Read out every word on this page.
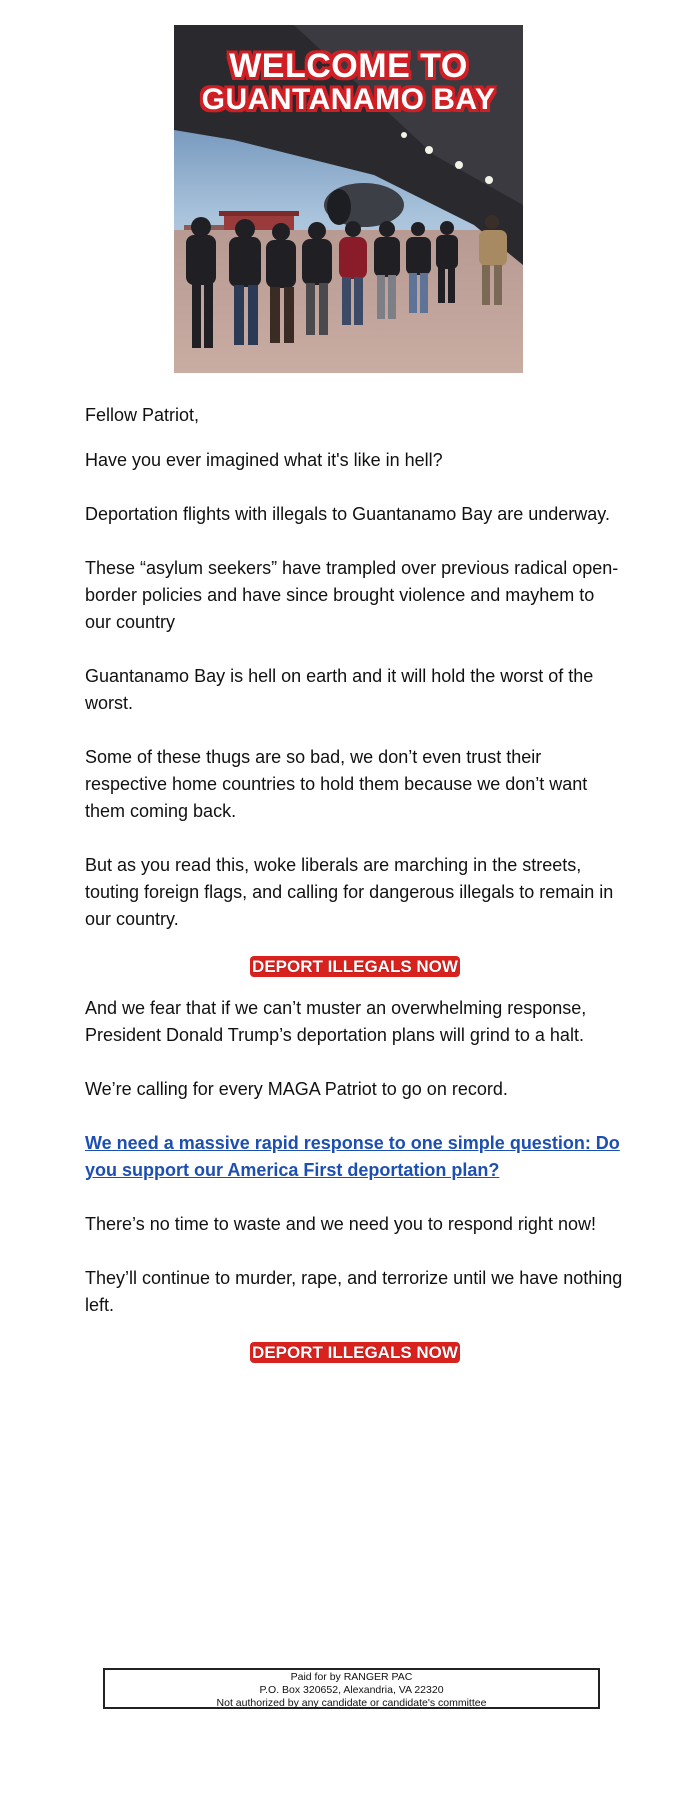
WELCOME TO
GUANTANAMO BAY

Fellow Patriot,

Have you ever imagined what it's like in hell?

Deportation flights with illegals to Guantanamo Bay are underway.

These “asylum seekers” have trampled over previous radical open-border policies and have since brought violence and mayhem to our country

Guantanamo Bay is hell on earth and it will hold the worst of the worst.

Some of these thugs are so bad, we don’t even trust their respective home countries to hold them because we don’t want them coming back.

But as you read this, woke liberals are marching in the streets, touting foreign flags, and calling for dangerous illegals to remain in our country.

DEPORT ILLEGALS NOW

And we fear that if we can’t muster an overwhelming response, President Donald Trump’s deportation plans will grind to a halt.

We’re calling for every MAGA Patriot to go on record.

We need a massive rapid response to one simple question: Do you support our America First deportation plan?

There’s no time to waste and we need you to respond right now!

They’ll continue to murder, rape, and terrorize until we have nothing left.

DEPORT ILLEGALS NOW
Paid for by RANGER PAC
P.O. Box 320652, Alexandria, VA 22320
Not authorized by any candidate or candidate's committee
